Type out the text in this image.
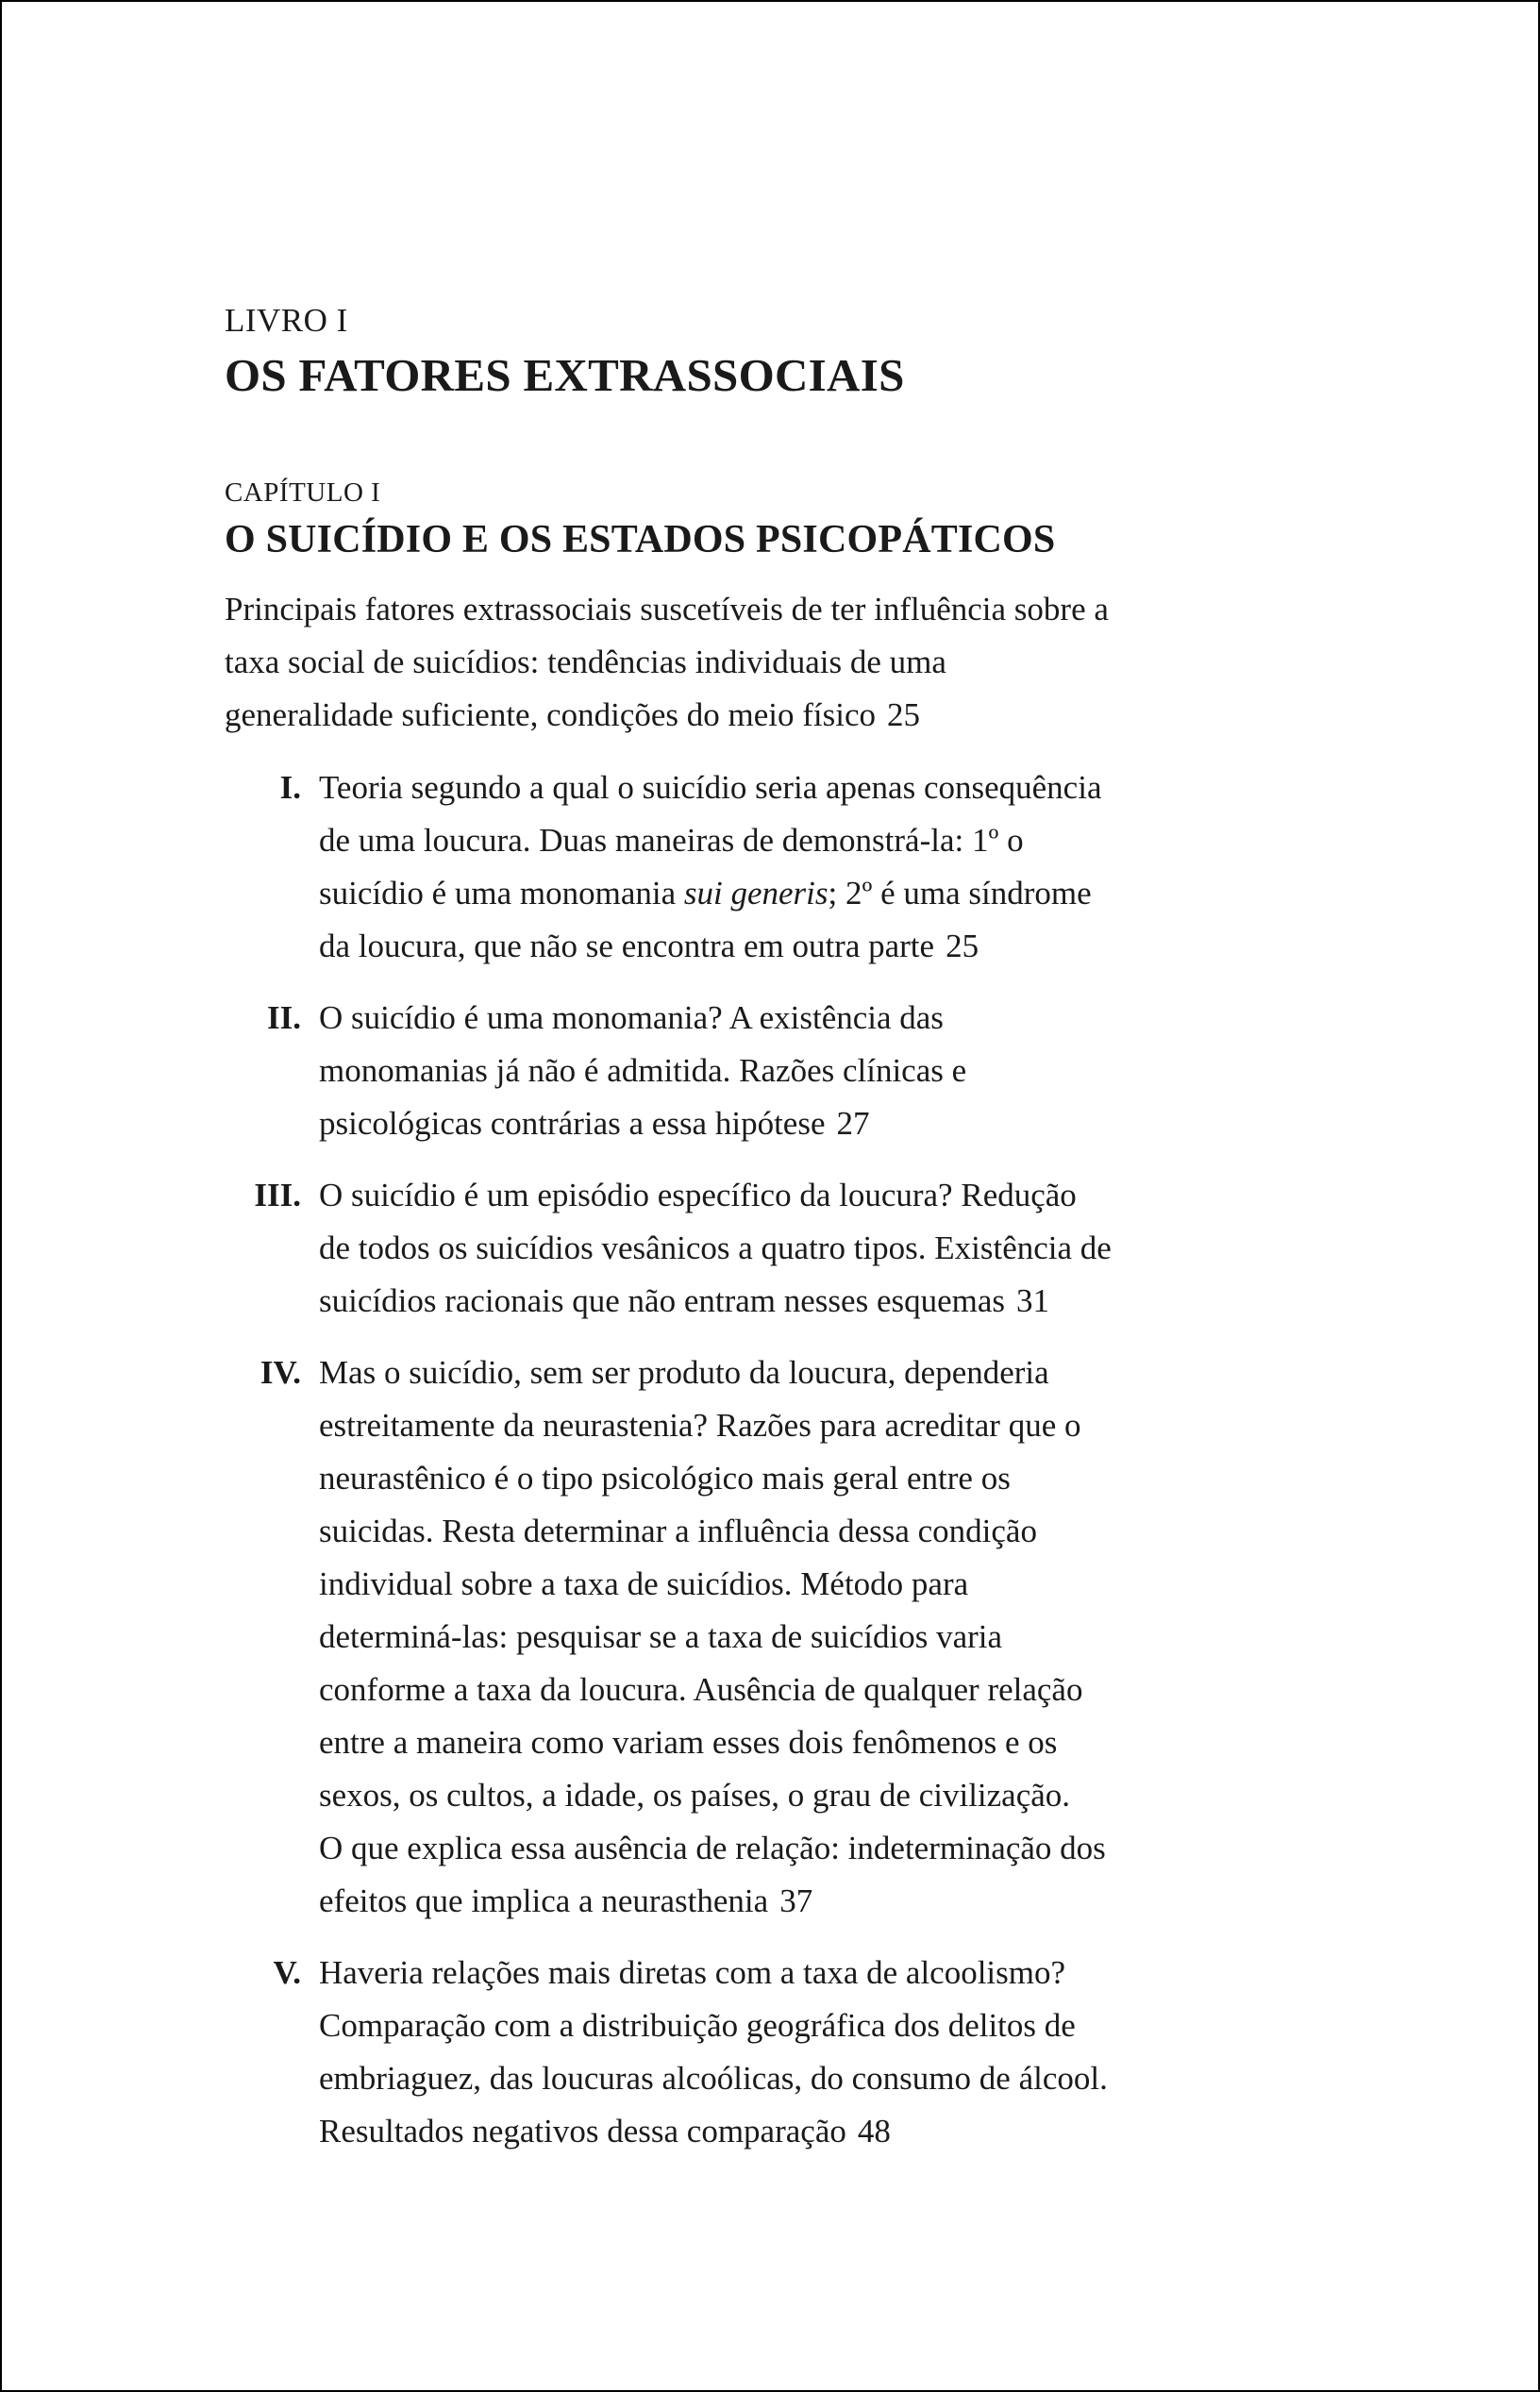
LIVRO I
OS FATORES EXTRASSOCIAIS
CAPÍTULO I
O SUICÍDIO E OS ESTADOS PSICOPÁTICOS
Principais fatores extrassociais suscetíveis de ter influência sobre a
taxa social de suicídios: tendências individuais de uma
generalidade suficiente, condições do meio físico 25
I. Teoria segundo a qual o suicídio seria apenas consequência
de uma loucura. Duas maneiras de demonstrá-la: 1º o
suicídio é uma monomania sui generis; 2º é uma síndrome
da loucura, que não se encontra em outra parte 25
II. O suicídio é uma monomania? A existência das
monomanias já não é admitida. Razões clínicas e
psicológicas contrárias a essa hipótese 27
III. O suicídio é um episódio específico da loucura? Redução
de todos os suicídios vesânicos a quatro tipos. Existência de
suicídios racionais que não entram nesses esquemas 31
IV. Mas o suicídio, sem ser produto da loucura, dependeria
estreitamente da neurastenia? Razões para acreditar que o
neurastênico é o tipo psicológico mais geral entre os
suicidas. Resta determinar a influência dessa condição
individual sobre a taxa de suicídios. Método para
determiná-las: pesquisar se a taxa de suicídios varia
conforme a taxa da loucura. Ausência de qualquer relação
entre a maneira como variam esses dois fenômenos e os
sexos, os cultos, a idade, os países, o grau de civilização.
O que explica essa ausência de relação: indeterminação dos
efeitos que implica a neurasthenia 37
V. Haveria relações mais diretas com a taxa de alcoolismo?
Comparação com a distribuição geográfica dos delitos de
embriaguez, das loucuras alcoólicas, do consumo de álcool.
Resultados negativos dessa comparação 48
